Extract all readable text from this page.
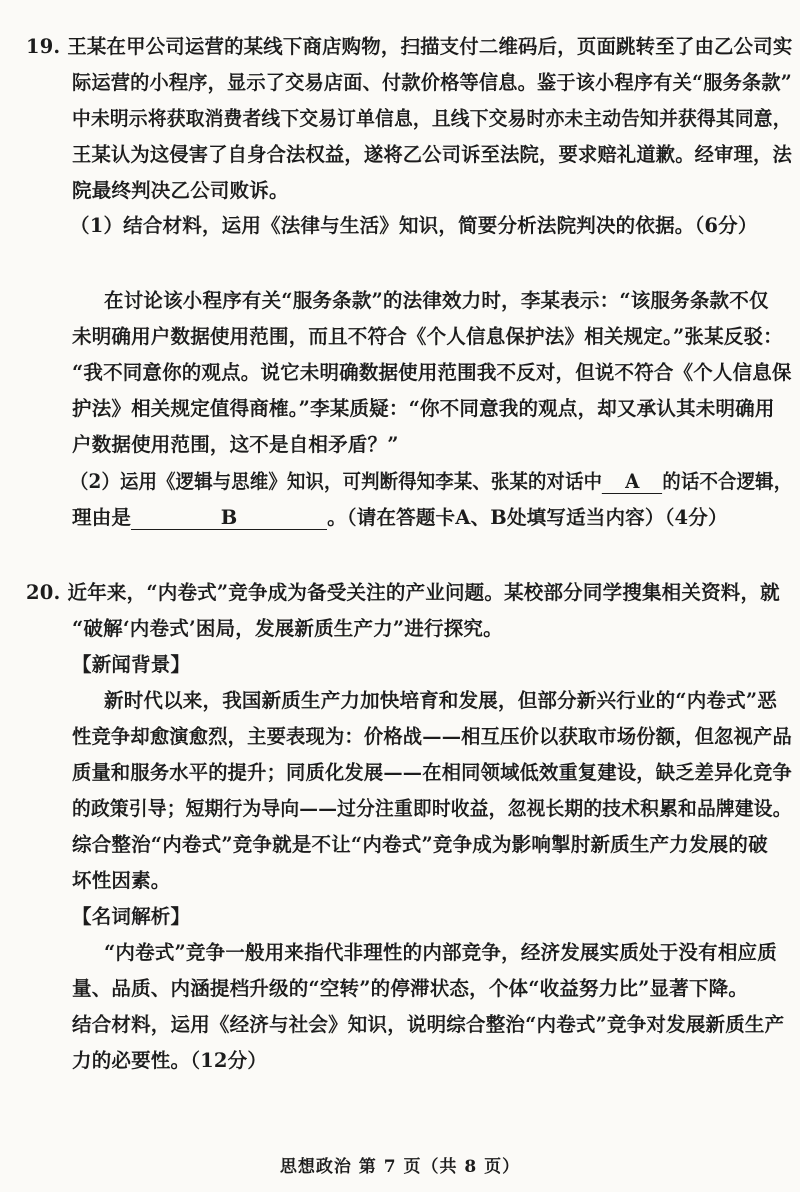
19. 王某在甲公司运营的某线下商店购物，扫描支付二维码后，页面跳转至了由乙公司实
际运营的小程序，显示了交易店面、付款价格等信息。鉴于该小程序有关“服务条款”
中未明示将获取消费者线下交易订单信息，且线下交易时亦未主动告知并获得其同意，
王某认为这侵害了自身合法权益，遂将乙公司诉至法院，要求赔礼道歉。经审理，法
院最终判决乙公司败诉。
（1）结合材料，运用《法律与生活》知识，简要分析法院判决的依据。（6分）
在讨论该小程序有关“服务条款”的法律效力时，李某表示：“该服务条款不仅
未明确用户数据使用范围，而且不符合《个人信息保护法》相关规定。”张某反驳：
“我不同意你的观点。说它未明确数据使用范围我不反对，但说不符合《个人信息保
护法》相关规定值得商榷。”李某质疑：“你不同意我的观点，却又承认其未明确用
户数据使用范围，这不是自相矛盾？”
（2）运用《逻辑与思维》知识，可判断得知李某、张某的对话中 A 的话不合逻辑，
理由是	B	。（请在答题卡A、B处填写适当内容）（4分）
20. 近年来，“内卷式”竞争成为备受关注的产业问题。某校部分同学搜集相关资料，就
“破解‘内卷式’困局，发展新质生产力”进行探究。
【新闻背景】
新时代以来，我国新质生产力加快培育和发展，但部分新兴行业的“内卷式”恶
性竞争却愈演愈烈，主要表现为：价格战——相互压价以获取市场份额，但忽视产品
质量和服务水平的提升；同质化发展——在相同领域低效重复建设，缺乏差异化竞争
的政策引导；短期行为导向——过分注重即时收益，忽视长期的技术积累和品牌建设。
综合整治“内卷式”竞争就是不让“内卷式”竞争成为影响掣肘新质生产力发展的破
坏性因素。
【名词解析】
“内卷式”竞争一般用来指代非理性的内部竞争，经济发展实质处于没有相应质
量、品质、内涵提档升级的“空转”的停滞状态，个体“收益努力比”显著下降。
结合材料，运用《经济与社会》知识，说明综合整治“内卷式”竞争对发展新质生产
力的必要性。（12分）
思想政治 第 7 页（共 8 页）
